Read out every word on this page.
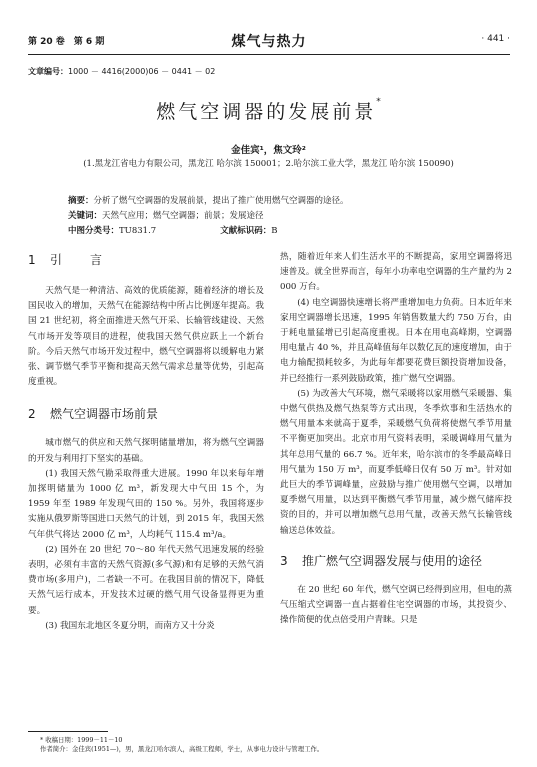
第 20 卷　第 6 期	煤气与热力	· 441 ·
文章编号：1000 － 4416(2000)06 － 0441 － 02
燃气空调器的发展前景*
金佳宾¹，焦文玲²
(1.黑龙江省电力有限公司，黑龙江 哈尔滨 150001；2.哈尔滨工业大学，黑龙江 哈尔滨 150090)
摘要：分析了燃气空调器的发展前景，提出了推广使用燃气空调器的途径。
关键词：天然气应用；燃气空调器；前景；发展途径
中图分类号：TU831.7	文献标识码：B

1 引言

天然气是一种清洁、高效的优质能源，随着经济的增长及国民收入的增加，天然气在能源结构中所占比例逐年提高。我国 21 世纪初，将全面推进天然气开采、长输管线建设、天然气市场开发等项目的进程，使我国天然气供应跃上一个新台阶。今后天然气市场开发过程中，燃气空调器将以缓解电力紧张、调节燃气季节平衡和提高天然气需求总量等优势，引起高度重视。

2 燃气空调器市场前景

城市燃气的供应和天然气探明储量增加，将为燃气空调器的开发与利用打下坚实的基础。

(1) 我国天然气勘采取得重大进展。1990 年以来每年增加探明储量为 1000 亿 m³，新发现大中气田 15 个，为 1959 年至 1989 年发现气田的 150 %。另外，我国将逐步实施从俄罗斯等国进口天然气的计划，到 2015 年，我国天然气年供气将达 2000 亿 m³，人均耗气 115.4 m³/a。

(2) 国外在 20 世纪 70～80 年代天然气迅速发展的经验表明，必须有丰富的天然气资源(多气源)和有足够的天然气消费市场(多用户)，二者缺一不可。在我国目前的情况下，降低天然气运行成本，开发技术过硬的燃气用气设备显得更为重要。

(3) 我国东北地区冬夏分明，而南方又十分炎

热，随着近年来人们生活水平的不断提高，家用空调器将迅速普及。就全世界而言，每年小功率电空调器的生产量约为 2 000 万台。

(4) 电空调器快速增长将严重增加电力负荷。日本近年来家用空调器增长迅速，1995 年销售数量大约 750 万台，由于耗电量猛增已引起高度重视。日本在用电高峰期，空调器用电量占 40 %，并且高峰值每年以数亿瓦的速度增加，由于电力输配损耗较多，为此每年都要花费巨额投资增加设备，并已经推行一系列鼓励政策，推广燃气空调器。

(5) 为改善大气环境，燃气采暖将以家用燃气采暖器、集中燃气供热及燃气热泵等方式出现，冬季炊事和生活热水的燃气用量本来就高于夏季，采暖燃气负荷将使燃气季节用量不平衡更加突出。北京市用气资料表明，采暖调峰用气量为其年总用气量的 66.7 %。近年来，哈尔滨市的冬季最高峰日用气量为 150 万 m³，而夏季低峰日仅有 50 万 m³。针对如此巨大的季节调峰量，应鼓励与推广使用燃气空调，以增加夏季燃气用量，以达到平衡燃气季节用量，减少燃气储库投资的目的，并可以增加燃气总用气量，改善天然气长输管线输送总体效益。

3 推广燃气空调器发展与使用的途径

在 20 世纪 60 年代，燃气空调已经得到应用，但电的蒸气压缩式空调器一直占据着住宅空调器的市场，其投资少、操作简便的优点倍受用户青睐。只是

* 收稿日期：1999－11－10
作者简介：金佳宾(1951—)，男，黑龙江哈尔滨人，高级工程师，学士，从事电力设计与管理工作。
